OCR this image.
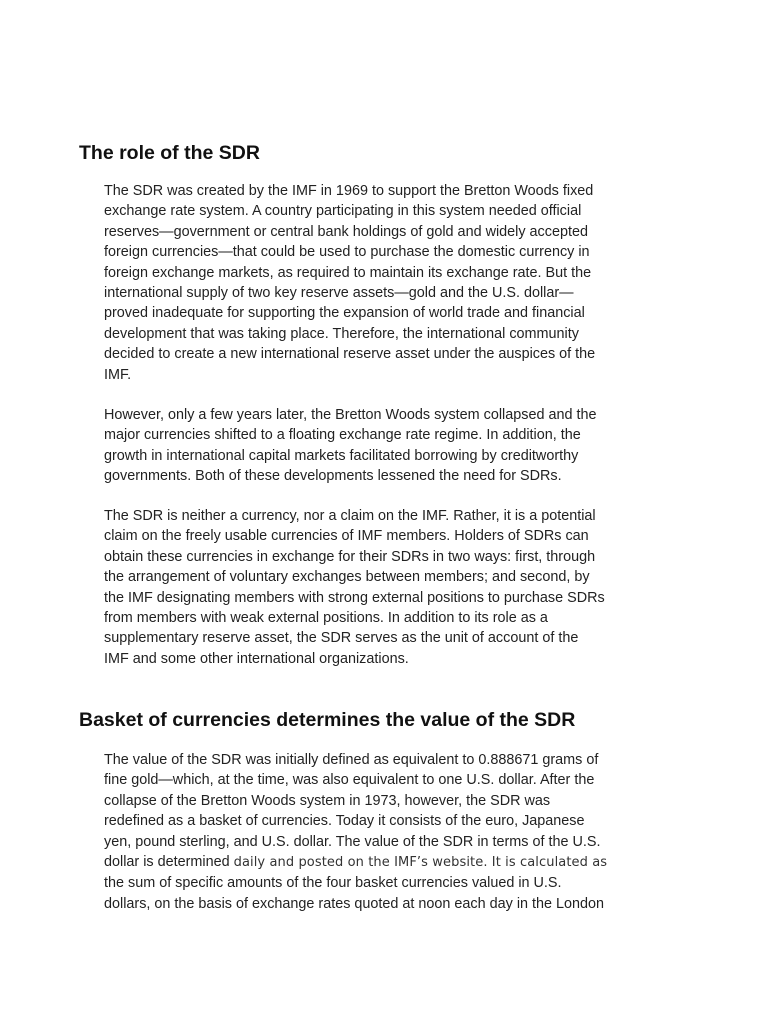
The role of the SDR

The SDR was created by the IMF in 1969 to support the Bretton Woods fixed
exchange rate system. A country participating in this system needed official
reserves—government or central bank holdings of gold and widely accepted
foreign currencies—that could be used to purchase the domestic currency in
foreign exchange markets, as required to maintain its exchange rate. But the
international supply of two key reserve assets—gold and the U.S. dollar—
proved inadequate for supporting the expansion of world trade and financial
development that was taking place. Therefore, the international community
decided to create a new international reserve asset under the auspices of the
IMF.

However, only a few years later, the Bretton Woods system collapsed and the
major currencies shifted to a floating exchange rate regime. In addition, the
growth in international capital markets facilitated borrowing by creditworthy
governments. Both of these developments lessened the need for SDRs.

The SDR is neither a currency, nor a claim on the IMF. Rather, it is a potential
claim on the freely usable currencies of IMF members. Holders of SDRs can
obtain these currencies in exchange for their SDRs in two ways: first, through
the arrangement of voluntary exchanges between members; and second, by
the IMF designating members with strong external positions to purchase SDRs
from members with weak external positions. In addition to its role as a
supplementary reserve asset, the SDR serves as the unit of account of the
IMF and some other international organizations.

Basket of currencies determines the value of the SDR

The value of the SDR was initially defined as equivalent to 0.888671 grams of
fine gold—which, at the time, was also equivalent to one U.S. dollar. After the
collapse of the Bretton Woods system in 1973, however, the SDR was
redefined as a basket of currencies. Today it consists of the euro, Japanese
yen, pound sterling, and U.S. dollar. The value of the SDR in terms of the U.S.
dollar is determined daily and posted on the IMF’s website. It is calculated as
the sum of specific amounts of the four basket currencies valued in U.S.
dollars, on the basis of exchange rates quoted at noon each day in the London
